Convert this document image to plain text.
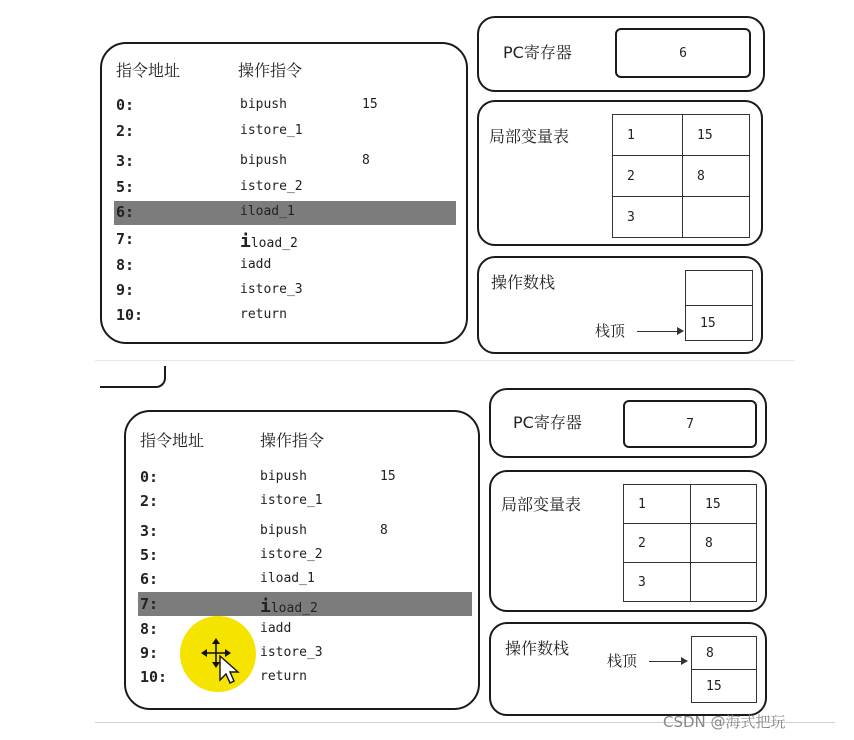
指令地址	操作指令
0:	bipush	15
2:	istore_1
3:	bipush	8
5:	istore_2
6:	iload_1
7:	iload_2
8:	iadd
9:	istore_3
10:	return
PC寄存器	6
局部变量表	1	15
2	8
3	
操作数栈
15
栈顶
指令地址	操作指令
0:	bipush	15
2:	istore_1
3:	bipush	8
5:	istore_2
6:	iload_1
7:	iload_2
8:	iadd
9:	istore_3
10:	return
PC寄存器	7
局部变量表	1	15
2	8
3	
操作数栈
栈顶	8
15
CSDN @海式把玩
